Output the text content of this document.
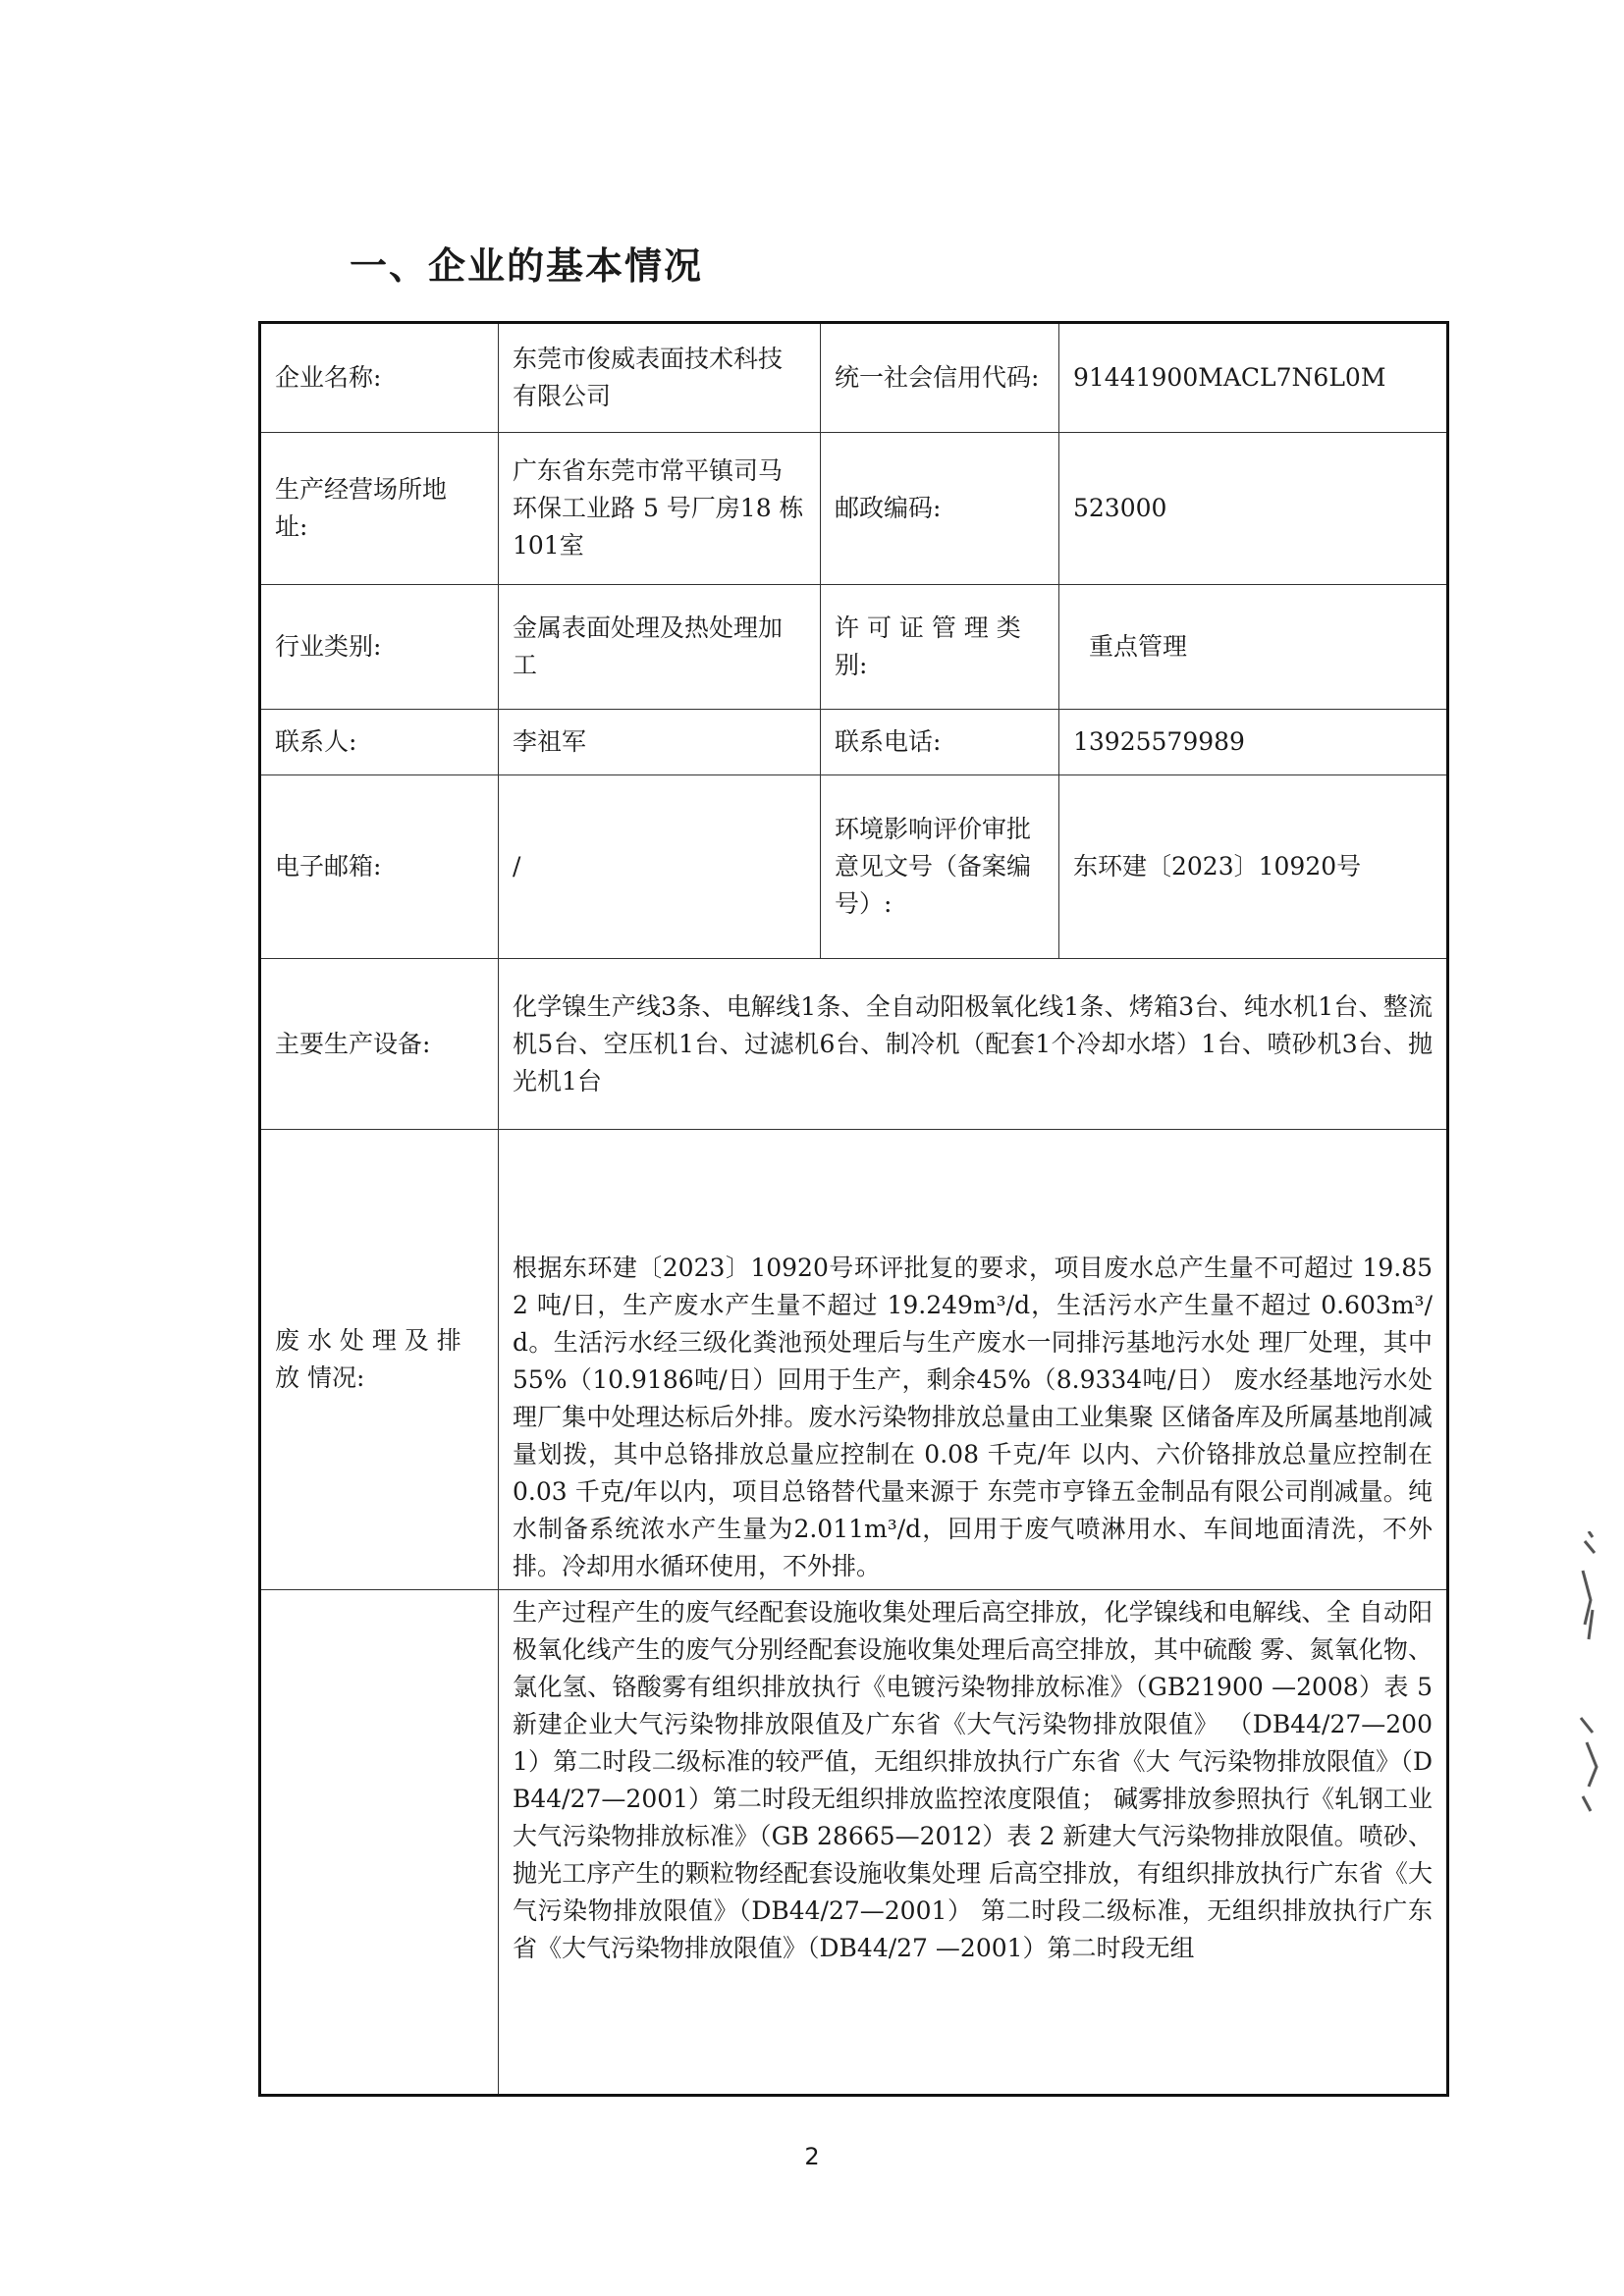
一、企业的基本情况
企业名称:	东莞市俊威表面技术科技 有限公司	统一社会信用代码:	91441900MACL7N6L0M
生产经营场所地 址:	广东省东莞市常平镇司马 环保工业路 5 号厂房18 栋 101室	邮政编码:	523000
行业类别:	金属表面处理及热处理加 工	许 可 证 管 理 类别:	重点管理
联系人:	李祖军	联系电话:	13925579989
电子邮箱:	/	环境影响评价审批意见文号（备案编号）:	东环建〔2023〕10920号
主要生产设备:	化学镍生产线3条、电解线1条、全自动阳极氧化线1条、烤箱3台、纯水机1台、整流机5台、空压机1台、过滤机6台、制冷机（配套1个冷却水塔）1台、喷砂机3台、抛光机1台		
废 水 处 理 及 排 放 情况:	根据东环建〔2023〕10920号环评批复的要求，项目废水总产生量不可超过 19.852 吨/日，生产废水产生量不超过 19.249m³/d，生活污水产生量不超过 0.603m³/d。生活污水经三级化粪池预处理后与生产废水一同排污基地污水处 理厂处理，其中55%（10.9186吨/日）回用于生产，剩余45%（8.9334吨/日） 废水经基地污水处理厂集中处理达标后外排。废水污染物排放总量由工业集聚 区储备库及所属基地削减量划拨，其中总铬排放总量应控制在 0.08 千克/年 以内、六价铬排放总量应控制在 0.03 千克/年以内，项目总铬替代量来源于 东莞市亨锋五金制品有限公司削减量。纯水制备系统浓水产生量为2.011m³/d，回用于废气喷淋用水、车间地面清洗，不外排。冷却用水循环使用，不外排。		
	生产过程产生的废气经配套设施收集处理后高空排放，化学镍线和电解线、全 自动阳极氧化线产生的废气分别经配套设施收集处理后高空排放，其中硫酸 雾、氮氧化物、氯化氢、铬酸雾有组织排放执行《电镀污染物排放标准》（GB21900 —2008）表 5 新建企业大气污染物排放限值及广东省《大气污染物排放限值》 （DB44/27—2001）第二时段二级标准的较严值，无组织排放执行广东省《大 气污染物排放限值》（DB44/27—2001）第二时段无组织排放监控浓度限值； 碱雾排放参照执行《轧钢工业大气污染物排放标准》（GB 28665—2012）表 2 新建大气污染物排放限值。喷砂、抛光工序产生的颗粒物经配套设施收集处理 后高空排放，有组织排放执行广东省《大气污染物排放限值》（DB44/27—2001） 第二时段二级标准，无组织排放执行广东省《大气污染物排放限值》（DB44/27 —2001）第二时段无组		
2
